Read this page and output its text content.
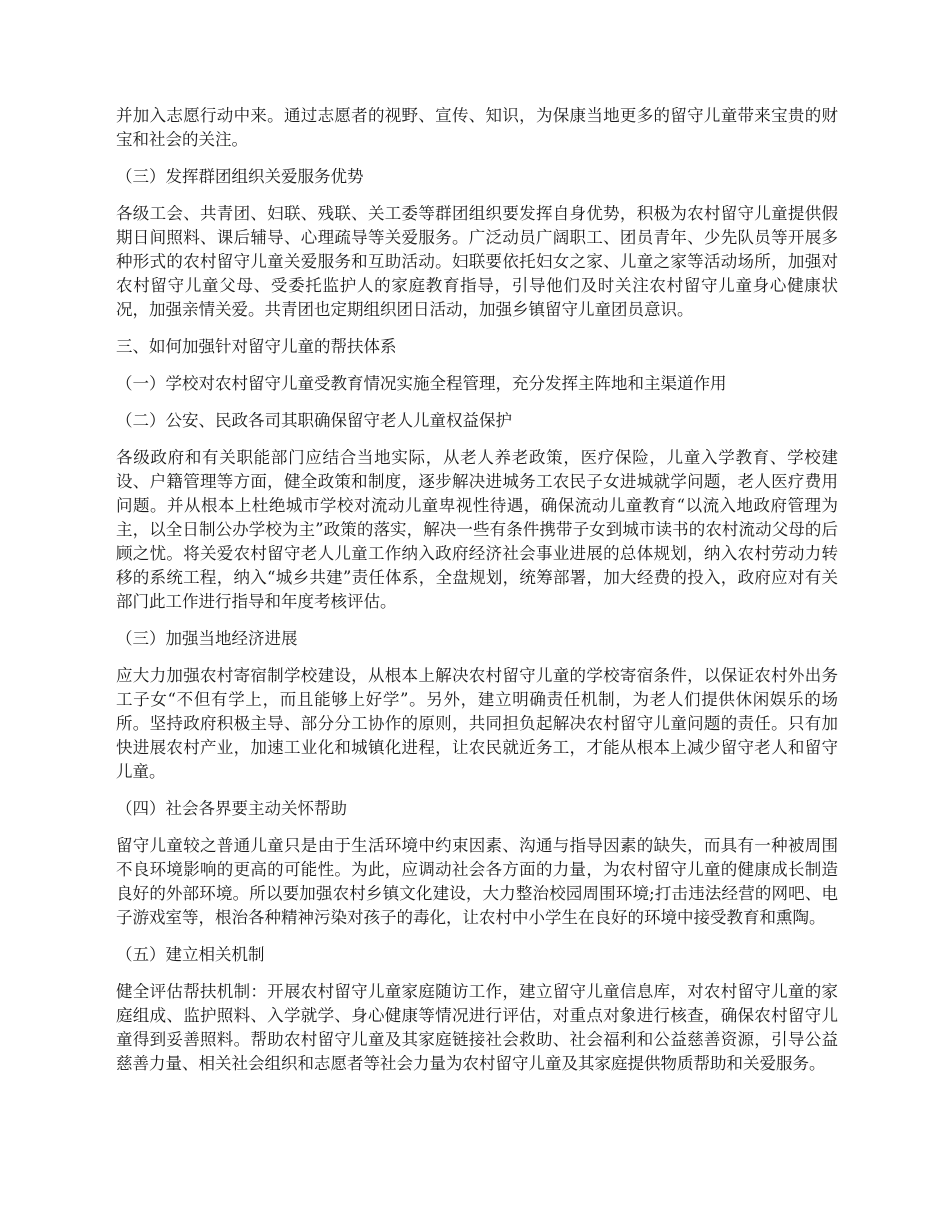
并加入志愿行动中来。通过志愿者的视野、宣传、知识，为保康当地更多的留守儿童带来宝贵的财宝和社会的关注。

（三）发挥群团组织关爱服务优势

各级工会、共青团、妇联、残联、关工委等群团组织要发挥自身优势，积极为农村留守儿童提供假期日间照料、课后辅导、心理疏导等关爱服务。广泛动员广阔职工、团员青年、少先队员等开展多种形式的农村留守儿童关爱服务和互助活动。妇联要依托妇女之家、儿童之家等活动场所，加强对农村留守儿童父母、受委托监护人的家庭教育指导，引导他们及时关注农村留守儿童身心健康状况，加强亲情关爱。共青团也定期组织团日活动，加强乡镇留守儿童团员意识。

三、如何加强针对留守儿童的帮扶体系

（一）学校对农村留守儿童受教育情况实施全程管理，充分发挥主阵地和主渠道作用

（二）公安、民政各司其职确保留守老人儿童权益保护

各级政府和有关职能部门应结合当地实际，从老人养老政策，医疗保险，儿童入学教育、学校建设、户籍管理等方面，健全政策和制度，逐步解决进城务工农民子女进城就学问题，老人医疗费用问题。并从根本上杜绝城市学校对流动儿童卑视性待遇，确保流动儿童教育“以流入地政府管理为主，以全日制公办学校为主”政策的落实，解决一些有条件携带子女到城市读书的农村流动父母的后顾之忧。将关爱农村留守老人儿童工作纳入政府经济社会事业进展的总体规划，纳入农村劳动力转移的系统工程，纳入“城乡共建”责任体系，全盘规划，统筹部署，加大经费的投入，政府应对有关部门此工作进行指导和年度考核评估。

（三）加强当地经济进展

应大力加强农村寄宿制学校建设，从根本上解决农村留守儿童的学校寄宿条件，以保证农村外出务工子女“不但有学上，而且能够上好学”。另外，建立明确责任机制，为老人们提供休闲娱乐的场所。坚持政府积极主导、部分分工协作的原则，共同担负起解决农村留守儿童问题的责任。只有加快进展农村产业，加速工业化和城镇化进程，让农民就近务工，才能从根本上减少留守老人和留守儿童。

（四）社会各界要主动关怀帮助

留守儿童较之普通儿童只是由于生活环境中约束因素、沟通与指导因素的缺失，而具有一种被周围不良环境影响的更高的可能性。为此，应调动社会各方面的力量，为农村留守儿童的健康成长制造良好的外部环境。所以要加强农村乡镇文化建设，大力整治校园周围环境;打击违法经营的网吧、电子游戏室等，根治各种精神污染对孩子的毒化，让农村中小学生在良好的环境中接受教育和熏陶。

（五）建立相关机制

健全评估帮扶机制：开展农村留守儿童家庭随访工作，建立留守儿童信息库，对农村留守儿童的家庭组成、监护照料、入学就学、身心健康等情况进行评估，对重点对象进行核查，确保农村留守儿童得到妥善照料。帮助农村留守儿童及其家庭链接社会救助、社会福利和公益慈善资源，引导公益慈善力量、相关社会组织和志愿者等社会力量为农村留守儿童及其家庭提供物质帮助和关爱服务。
